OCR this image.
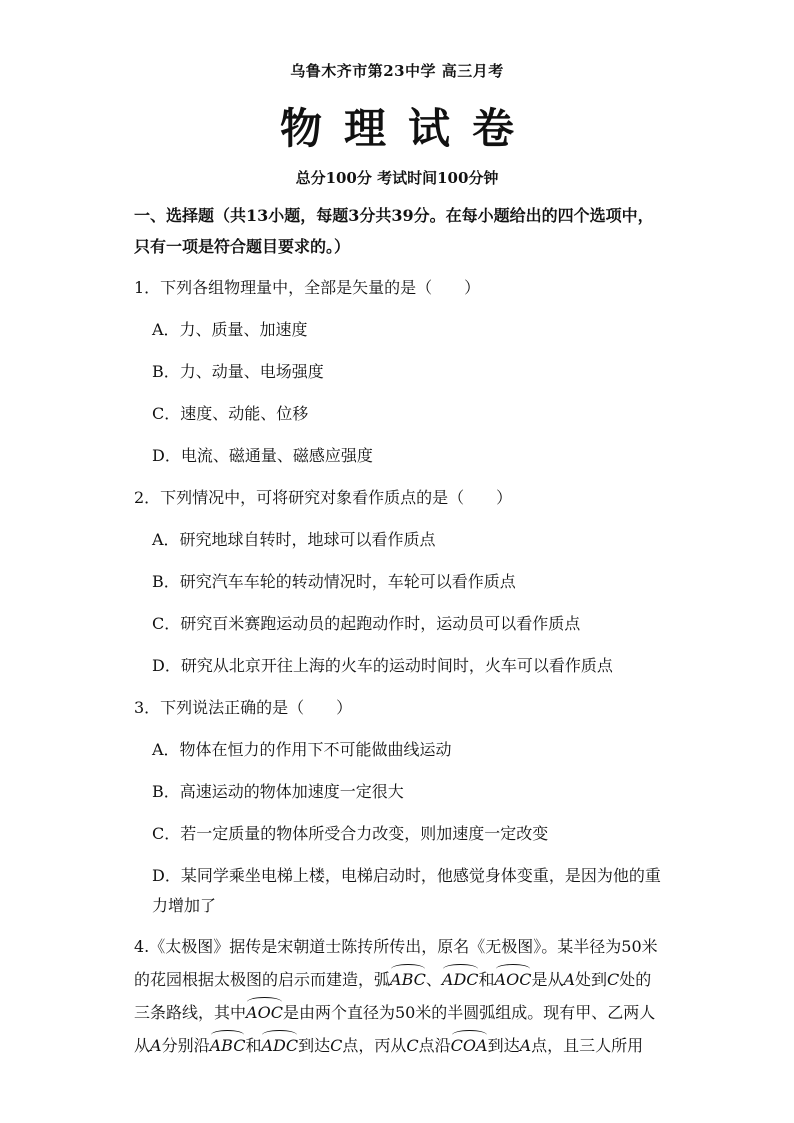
乌鲁木齐市第23中学 高三月考
物理试卷
总分100分 考试时间100分钟

一、选择题（共13小题，每题3分共39分。在每小题给出的四个选项中，

只有一项是符合题目要求的。）

1．下列各组物理量中，全部是矢量的是（　　）

A．力、质量、加速度

B．力、动量、电场强度

C．速度、动能、位移

D．电流、磁通量、磁感应强度

2．下列情况中，可将研究对象看作质点的是（　　）

A．研究地球自转时，地球可以看作质点

B．研究汽车车轮的转动情况时，车轮可以看作质点

C．研究百米赛跑运动员的起跑动作时，运动员可以看作质点

D．研究从北京开往上海的火车的运动时间时，火车可以看作质点

3．下列说法正确的是（　　）

A．物体在恒力的作用下不可能做曲线运动

B．高速运动的物体加速度一定很大

C．若一定质量的物体所受合力改变，则加速度一定改变

D．某同学乘坐电梯上楼，电梯启动时，他感觉身体变重，是因为他的重

力增加了

4.《太极图》据传是宋朝道士陈抟所传出，原名《无极图》。某半径为50米

的花园根据太极图的启示而建造，弧ABC、ADC和AOC是从A处到C处的

三条路线，其中AOC是由两个直径为50米的半圆弧组成。现有甲、乙两人

从A分别沿ABC和ADC到达C点，丙从C点沿COA到达A点，且三人所用
